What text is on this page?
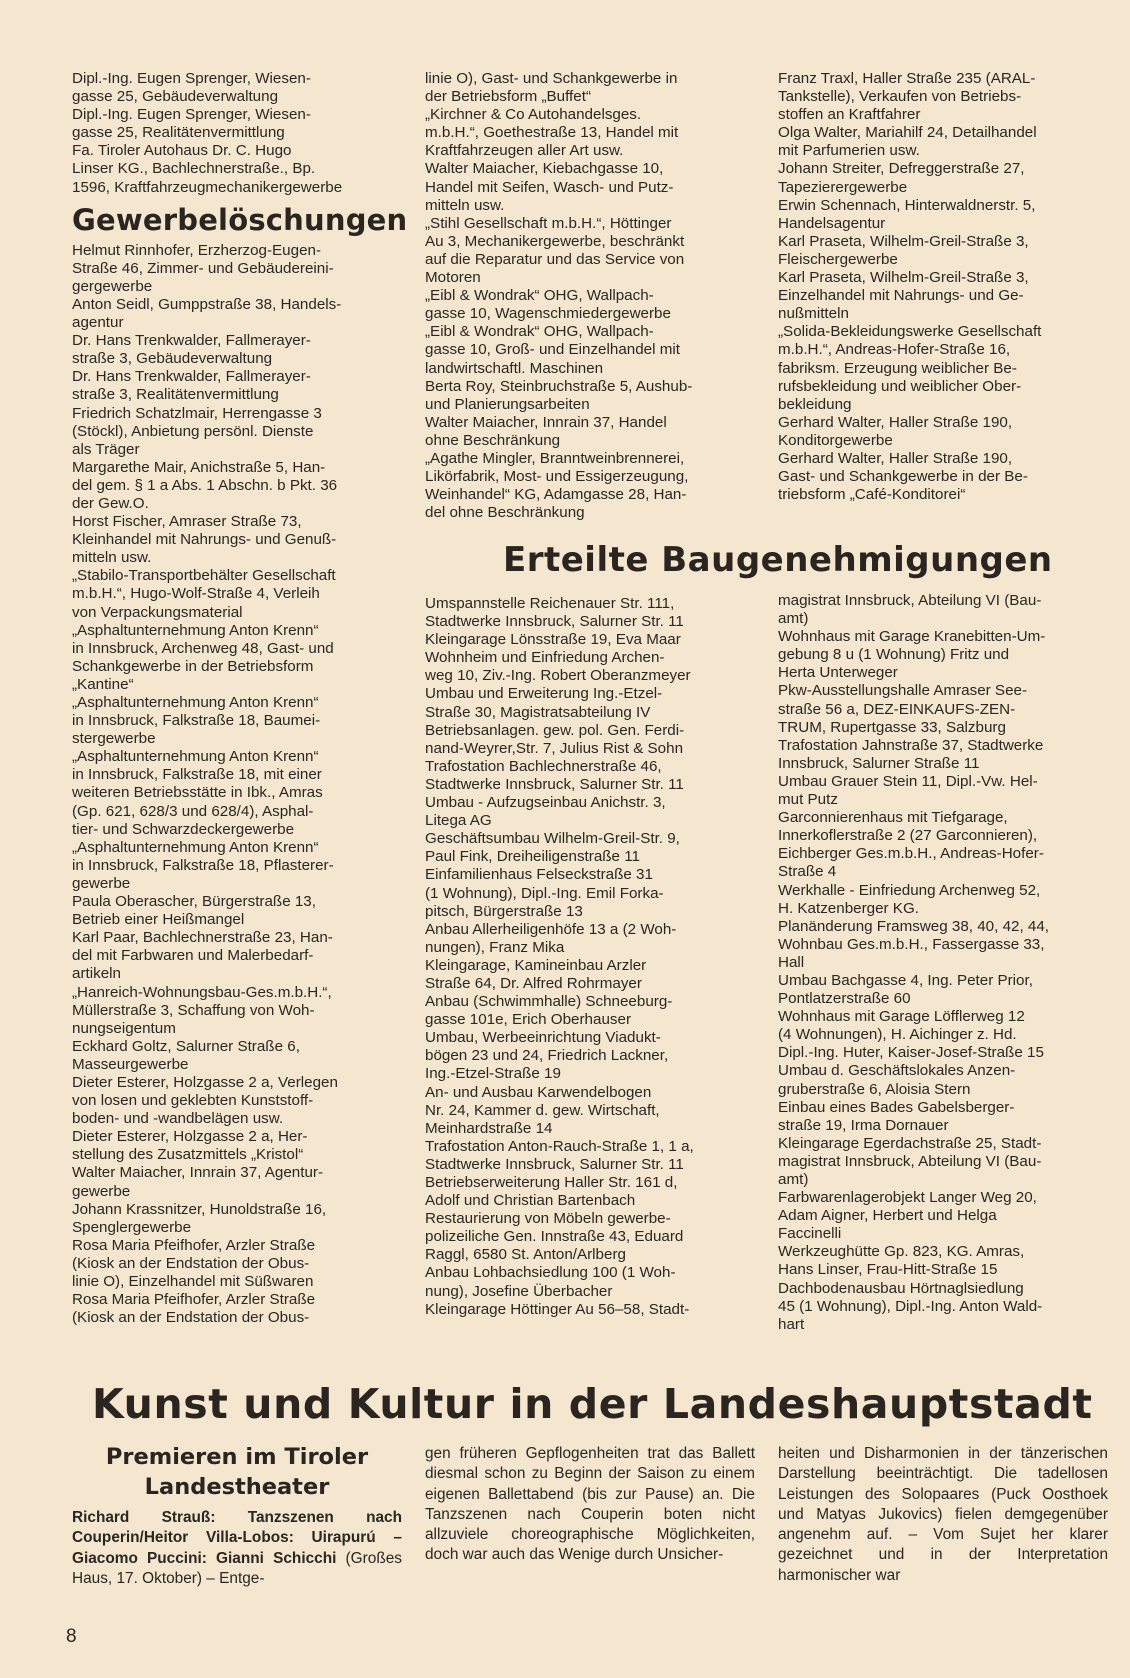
Dipl.-Ing. Eugen Sprenger, Wiesen-

gasse 25, Gebäudeverwaltung

Dipl.-Ing. Eugen Sprenger, Wiesen-

gasse 25, Realitätenvermittlung

Fa. Tiroler Autohaus Dr. C. Hugo

Linser KG., Bachlechnerstraße., Bp.

1596, Kraftfahrzeugmechanikergewerbe

Gewerbelöschungen

Helmut Rinnhofer, Erzherzog-Eugen-

Straße 46, Zimmer- und Gebäudereini-

gergewerbe

Anton Seidl, Gumppstraße 38, Handels-

agentur

Dr. Hans Trenkwalder, Fallmerayer-

straße 3, Gebäudeverwaltung

Dr. Hans Trenkwalder, Fallmerayer-

straße 3, Realitätenvermittlung

Friedrich Schatzlmair, Herrengasse 3

(Stöckl), Anbietung persönl. Dienste

als Träger

Margarethe Mair, Anichstraße 5, Han-

del gem. § 1 a Abs. 1 Abschn. b Pkt. 36

der Gew.O.

Horst Fischer, Amraser Straße 73,

Kleinhandel mit Nahrungs- und Genuß-

mitteln usw.

„Stabilo-Transportbehälter Gesellschaft

m.b.H.“, Hugo-Wolf-Straße 4, Verleih

von Verpackungsmaterial

„Asphaltunternehmung Anton Krenn“

in Innsbruck, Archenweg 48, Gast- und

Schankgewerbe in der Betriebsform

„Kantine“

„Asphaltunternehmung Anton Krenn“

in Innsbruck, Falkstraße 18, Baumei-

stergewerbe

„Asphaltunternehmung Anton Krenn“

in Innsbruck, Falkstraße 18, mit einer

weiteren Betriebsstätte in Ibk., Amras

(Gp. 621, 628/3 und 628/4), Asphal-

tier- und Schwarzdeckergewerbe

„Asphaltunternehmung Anton Krenn“

in Innsbruck, Falkstraße 18, Pflasterer-

gewerbe

Paula Oberascher, Bürgerstraße 13,

Betrieb einer Heißmangel

Karl Paar, Bachlechnerstraße 23, Han-

del mit Farbwaren und Malerbedarf-

artikeln

„Hanreich-Wohnungsbau-Ges.m.b.H.“,

Müllerstraße 3, Schaffung von Woh-

nungseigentum

Eckhard Goltz, Salurner Straße 6,

Masseurgewerbe

Dieter Esterer, Holzgasse 2 a, Verlegen

von losen und geklebten Kunststoff-

boden- und -wandbelägen usw.

Dieter Esterer, Holzgasse 2 a, Her-

stellung des Zusatzmittels „Kristol“

Walter Maiacher, Innrain 37, Agentur-

gewerbe

Johann Krassnitzer, Hunoldstraße 16,

Spenglergewerbe

Rosa Maria Pfeifhofer, Arzler Straße

(Kiosk an der Endstation der Obus-

linie O), Einzelhandel mit Süßwaren

Rosa Maria Pfeifhofer, Arzler Straße

(Kiosk an der Endstation der Obus-

linie O), Gast- und Schankgewerbe in

der Betriebsform „Buffet“

„Kirchner & Co Autohandelsges.

m.b.H.“, Goethestraße 13, Handel mit

Kraftfahrzeugen aller Art usw.

Walter Maiacher, Kiebachgasse 10,

Handel mit Seifen, Wasch- und Putz-

mitteln usw.

„Stihl Gesellschaft m.b.H.“, Höttinger

Au 3, Mechanikergewerbe, beschränkt

auf die Reparatur und das Service von

Motoren

„Eibl & Wondrak“ OHG, Wallpach-

gasse 10, Wagenschmiedergewerbe

„Eibl & Wondrak“ OHG, Wallpach-

gasse 10, Groß- und Einzelhandel mit

landwirtschaftl. Maschinen

Berta Roy, Steinbruchstraße 5, Aushub-

und Planierungsarbeiten

Walter Maiacher, Innrain 37, Handel

ohne Beschränkung

„Agathe Mingler, Branntweinbrennerei,

Likörfabrik, Most- und Essigerzeugung,

Weinhandel“ KG, Adamgasse 28, Han-

del ohne Beschränkung

Franz Traxl, Haller Straße 235 (ARAL-

Tankstelle), Verkaufen von Betriebs-

stoffen an Kraftfahrer

Olga Walter, Mariahilf 24, Detailhandel

mit Parfumerien usw.

Johann Streiter, Defreggerstraße 27,

Tapezierergewerbe

Erwin Schennach, Hinterwaldnerstr. 5,

Handelsagentur

Karl Praseta, Wilhelm-Greil-Straße 3,

Fleischergewerbe

Karl Praseta, Wilhelm-Greil-Straße 3,

Einzelhandel mit Nahrungs- und Ge-

nußmitteln

„Solida-Bekleidungswerke Gesellschaft

m.b.H.“, Andreas-Hofer-Straße 16,

fabriksm. Erzeugung weiblicher Be-

rufsbekleidung und weiblicher Ober-

bekleidung

Gerhard Walter, Haller Straße 190,

Konditorgewerbe

Gerhard Walter, Haller Straße 190,

Gast- und Schankgewerbe in der Be-

triebsform „Café-Konditorei“

Erteilte Baugenehmigungen

Umspannstelle Reichenauer Str. 111,

Stadtwerke Innsbruck, Salurner Str. 11

Kleingarage Lönsstraße 19, Eva Maar

Wohnheim und Einfriedung Archen-

weg 10, Ziv.-Ing. Robert Oberanzmeyer

Umbau und Erweiterung Ing.-Etzel-

Straße 30, Magistratsabteilung IV

Betriebsanlagen. gew. pol. Gen. Ferdi-

nand-Weyrer,Str. 7, Julius Rist & Sohn

Trafostation Bachlechnerstraße 46,

Stadtwerke Innsbruck, Salurner Str. 11

Umbau - Aufzugseinbau Anichstr. 3,

Litega AG

Geschäftsumbau Wilhelm-Greil-Str. 9,

Paul Fink, Dreiheiligenstraße 11

Einfamilienhaus Felseckstraße 31

(1 Wohnung), Dipl.-Ing. Emil Forka-

pitsch, Bürgerstraße 13

Anbau Allerheiligenhöfe 13 a (2 Woh-

nungen), Franz Mika

Kleingarage, Kamineinbau Arzler

Straße 64, Dr. Alfred Rohrmayer

Anbau (Schwimmhalle) Schneeburg-

gasse 101e, Erich Oberhauser

Umbau, Werbeeinrichtung Viadukt-

bögen 23 und 24, Friedrich Lackner,

Ing.-Etzel-Straße 19

An- und Ausbau Karwendelbogen

Nr. 24, Kammer d. gew. Wirtschaft,

Meinhardstraße 14

Trafostation Anton-Rauch-Straße 1, 1 a,

Stadtwerke Innsbruck, Salurner Str. 11

Betriebserweiterung Haller Str. 161 d,

Adolf und Christian Bartenbach

Restaurierung von Möbeln gewerbe-

polizeiliche Gen. Innstraße 43, Eduard

Raggl, 6580 St. Anton/Arlberg

Anbau Lohbachsiedlung 100 (1 Woh-

nung), Josefine Überbacher

Kleingarage Höttinger Au 56–58, Stadt-

magistrat Innsbruck, Abteilung VI (Bau-

amt)

Wohnhaus mit Garage Kranebitten-Um-

gebung 8 u (1 Wohnung) Fritz und

Herta Unterweger

Pkw-Ausstellungshalle Amraser See-

straße 56 a, DEZ-EINKAUFS-ZEN-

TRUM, Rupertgasse 33, Salzburg

Trafostation Jahnstraße 37, Stadtwerke

Innsbruck, Salurner Straße 11

Umbau Grauer Stein 11, Dipl.-Vw. Hel-

mut Putz

Garconnierenhaus mit Tiefgarage,

Innerkoflerstraße 2 (27 Garconnieren),

Eichberger Ges.m.b.H., Andreas-Hofer-

Straße 4

Werkhalle - Einfriedung Archenweg 52,

H. Katzenberger KG.

Planänderung Framsweg 38, 40, 42, 44,

Wohnbau Ges.m.b.H., Fassergasse 33,

Hall

Umbau Bachgasse 4, Ing. Peter Prior,

Pontlatzerstraße 60

Wohnhaus mit Garage Löfflerweg 12

(4 Wohnungen), H. Aichinger z. Hd.

Dipl.-Ing. Huter, Kaiser-Josef-Straße 15

Umbau d. Geschäftslokales Anzen-

gruberstraße 6, Aloisia Stern

Einbau eines Bades Gabelsberger-

straße 19, Irma Dornauer

Kleingarage Egerdachstraße 25, Stadt-

magistrat Innsbruck, Abteilung VI (Bau-

amt)

Farbwarenlagerobjekt Langer Weg 20,

Adam Aigner, Herbert und Helga

Faccinelli

Werkzeughütte Gp. 823, KG. Amras,

Hans Linser, Frau-Hitt-Straße 15

Dachbodenausbau Hörtnaglsiedlung

45 (1 Wohnung), Dipl.-Ing. Anton Wald-

hart

Kunst und Kultur in der Landeshauptstadt
Premieren im Tiroler Landestheater

Richard Strauß: Tanzszenen nach Couperin/Heitor Villa-Lobos: Uirapurú – Giacomo Puccini: Gianni Schicchi (Großes Haus, 17. Oktober) – Entge-

gen früheren Gepflogenheiten trat das Ballett diesmal schon zu Beginn der Saison zu einem eigenen Ballettabend (bis zur Pause) an. Die Tanzszenen nach Couperin boten nicht allzuviele choreographische Möglichkeiten, doch war auch das Wenige durch Unsicher-

heiten und Disharmonien in der tänzerischen Darstellung beeinträchtigt. Die tadellosen Leistungen des Solopaares (Puck Oosthoek und Matyas Jukovics) fielen demgegenüber angenehm auf. – Vom Sujet her klarer gezeichnet und in der Interpretation harmonischer war

8
